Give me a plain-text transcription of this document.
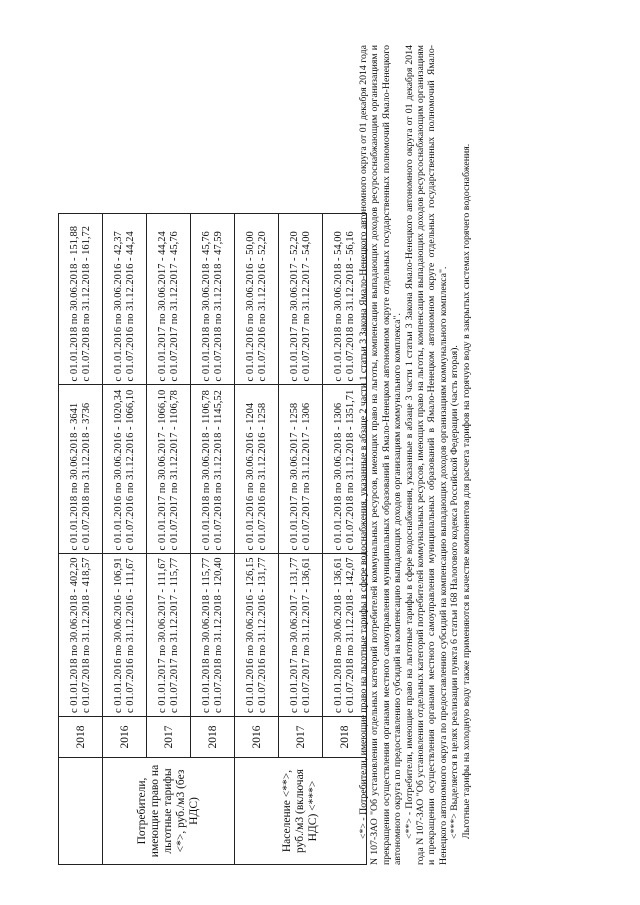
	2018	с 01.01.2018 по 30.06.2018 - 402,20 с 01.07.2018 по 31.12.2018 - 418,57	с 01.01.2018 по 30.06.2018 - 3641 с 01.07.2018 по 31.12.2018 - 3736	с 01.01.2018 по 30.06.2018 - 151,88 с 01.07.2018 по 31.12.2018 - 161,72

Потребители, имеющие право на льготные тарифы <*>, руб./м3 (без НДС)	2016	с 01.01.2016 по 30.06.2016 - 106,91 с 01.07.2016 по 31.12.2016 - 111,67	с 01.01.2016 по 30.06.2016 - 1020,34 с 01.07.2016 по 31.12.2016 - 1066,10	с 01.01.2016 по 30.06.2016 - 42,37 с 01.07.2016 по 31.12.2016 - 44,24

	2017	с 01.01.2017 по 30.06.2017 - 111,67 с 01.07.2017 по 31.12.2017 - 115,77	с 01.01.2017 по 30.06.2017 - 1066,10 с 01.07.2017 по 31.12.2017 - 1106,78	с 01.01.2017 по 30.06.2017 - 44,24 с 01.07.2017 по 31.12.2017 - 45,76

	2018	с 01.01.2018 по 30.06.2018 - 115,77 с 01.07.2018 по 31.12.2018 - 120,40	с 01.01.2018 по 30.06.2018 - 1106,78 с 01.07.2018 по 31.12.2018 - 1145,52	с 01.01.2018 по 30.06.2018 - 45,76 с 01.07.2018 по 31.12.2018 - 47,59

Население <**>, руб./м3 (включая НДС) <***>	2016	с 01.01.2016 по 30.06.2016 - 126,15 с 01.07.2016 по 31.12.2016 - 131,77	с 01.01.2016 по 30.06.2016 - 1204 с 01.07.2016 по 31.12.2016 - 1258	с 01.01.2016 по 30.06.2016 - 50,00 с 01.07.2016 по 31.12.2016 - 52,20

	2017	с 01.01.2017 по 30.06.2017 - 131,77 с 01.07.2017 по 31.12.2017 - 136,61	с 01.01.2017 по 30.06.2017 - 1258 с 01.07.2017 по 31.12.2017 - 1306	с 01.01.2017 по 30.06.2017 - 52,20 с 01.07.2017 по 31.12.2017 - 54,00

	2018	с 01.01.2018 по 30.06.2018 - 136,61 с 01.07.2018 по 31.12.2018 - 142,07	с 01.01.2018 по 30.06.2018 - 1306 с 01.07.2018 по 31.12.2018 - 1351,71	с 01.01.2018 по 30.06.2018 - 54,00 с 01.07.2018 по 31.12.2018 - 56,16 <*> - Потребители, имеющие право на льготные тарифы в сфере водоснабжения, указанные в абзаце 2 части 1 статьи 3 Закона Ямало-Ненецкого автономного округа от 01 декабря 2014 года N 107-ЗАО "Об установлении отдельных категорий потребителей коммунальных ресурсов, имеющих право на льготы, компенсации выпадающих доходов ресурсоснабжающим организациям и прекращении осуществления органами местного самоуправления муниципальных образований в Ямало-Ненецком автономном округе отдельных государственных полномочий Ямало-Ненецкого автономного округа по предоставлению субсидий на компенсацию выпадающих доходов организациям коммунального комплекса". <**> - Потребители, имеющие право на льготные тарифы в сфере водоснабжения, указанные в абзаце 3 части 1 статьи 3 Закона Ямало-Ненецкого автономного округа от 01 декабря 2014 года N 107-ЗАО "Об установлении отдельных категорий потребителей коммунальных ресурсов, имеющих право на льготы, компенсации выпадающих доходов ресурсоснабжающим организациям и прекращении осуществления органами местного самоуправления муниципальных образований в Ямало-Ненецком автономном округе отдельных государственных полномочий Ямало-Ненецкого автономного округа по предоставлению субсидий на компенсацию выпадающих доходов организациям коммунального комплекса". <***> Выделяется в целях реализации пункта 6 статьи 168 Налогового кодекса Российской Федерации (часть вторая). Льготные тарифы на холодную воду также применяются в качестве компонентов для расчета тарифов на горячую воду в закрытых системах горячего водоснабжения.
